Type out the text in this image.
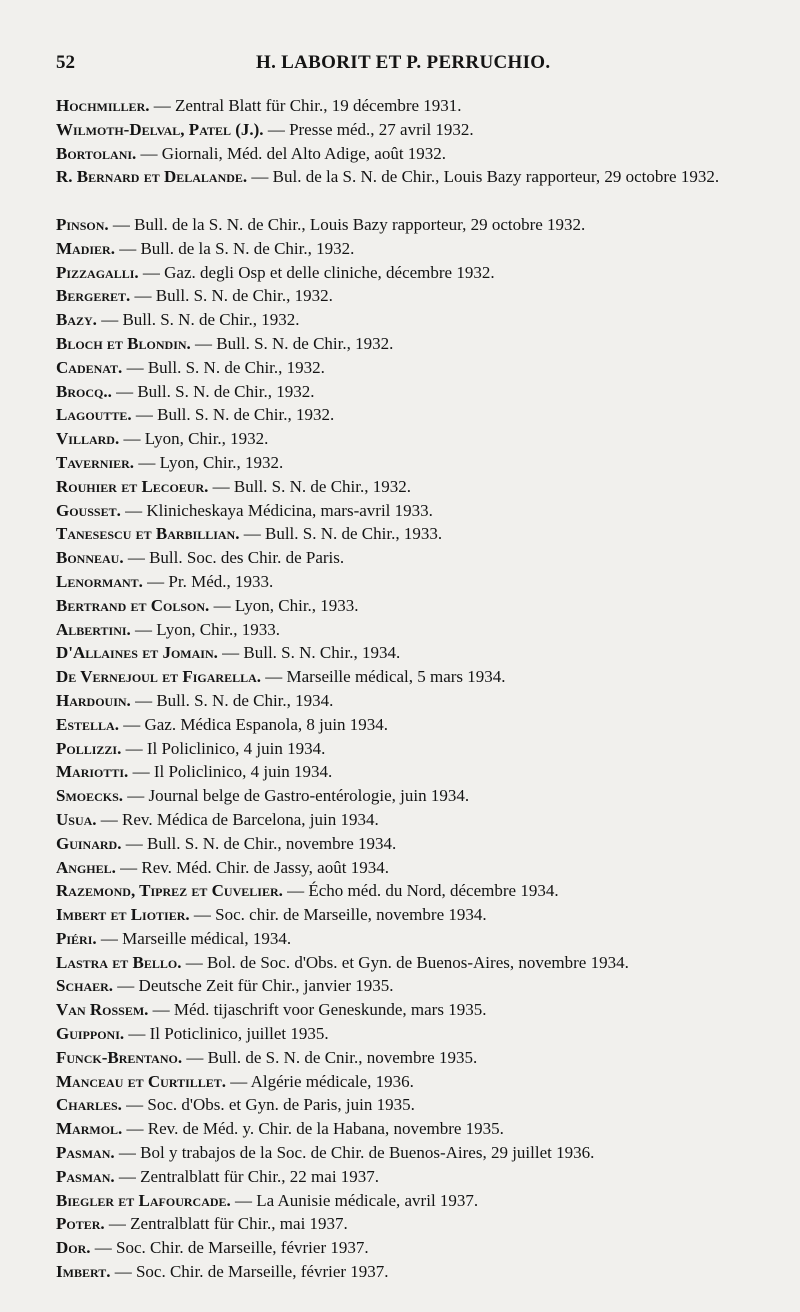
52	H. LABORIT ET P. PERRUCHIO.
Hochmiller. — Zentral Blatt für Chir., 19 décembre 1931.
Wilmoth-Delval, Patel (J.). — Presse méd., 27 avril 1932.
Bortolani. — Giornali, Méd. del Alto Adige, août 1932.
R. Bernard et Delalande. — Bul. de la S. N. de Chir., Louis Bazy rapporteur, 29 octobre 1932.
Pinson. — Bull. de la S. N. de Chir., Louis Bazy rapporteur, 29 octobre 1932.
Madier. — Bull. de la S. N. de Chir., 1932.
Pizzagalli. — Gaz. degli Osp et delle cliniche, décembre 1932.
Bergeret. — Bull. S. N. de Chir., 1932.
Bazy. — Bull. S. N. de Chir., 1932.
Bloch et Blondin. — Bull. S. N. de Chir., 1932.
Cadenat. — Bull. S. N. de Chir., 1932.
Brocq.. — Bull. S. N. de Chir., 1932.
Lagoutte. — Bull. S. N. de Chir., 1932.
Villard. — Lyon, Chir., 1932.
Tavernier. — Lyon, Chir., 1932.
Rouhier et Lecoeur. — Bull. S. N. de Chir., 1932.
Gousset. — Klinicheskaya Médicina, mars-avril 1933.
Tanesescu et Barbillian. — Bull. S. N. de Chir., 1933.
Bonneau. — Bull. Soc. des Chir. de Paris.
Lenormant. — Pr. Méd., 1933.
Bertrand et Colson. — Lyon, Chir., 1933.
Albertini. — Lyon, Chir., 1933.
D'Allaines et Jomain. — Bull. S. N. Chir., 1934.
De Vernejoul et Figarella. — Marseille médical, 5 mars 1934.
Hardouin. — Bull. S. N. de Chir., 1934.
Estella. — Gaz. Médica Espanola, 8 juin 1934.
Pollizzi. — Il Policlinico, 4 juin 1934.
Mariotti. — Il Policlinico, 4 juin 1934.
Smoecks. — Journal belge de Gastro-entérologie, juin 1934.
Usua. — Rev. Médica de Barcelona, juin 1934.
Guinard. — Bull. S. N. de Chir., novembre 1934.
Anghel. — Rev. Méd. Chir. de Jassy, août 1934.
Razemond, Tiprez et Cuvelier. — Écho méd. du Nord, décembre 1934.
Imbert et Liotier. — Soc. chir. de Marseille, novembre 1934.
Piéri. — Marseille médical, 1934.
Lastra et Bello. — Bol. de Soc. d'Obs. et Gyn. de Buenos-Aires, novembre 1934.
Schaer. — Deutsche Zeit für Chir., janvier 1935.
Van Rossem. — Méd. tijaschrift voor Geneskunde, mars 1935.
Guipponi. — Il Poticlinico, juillet 1935.
Funck-Brentano. — Bull. de S. N. de Cnir., novembre 1935.
Manceau et Curtillet. — Algérie médicale, 1936.
Charles. — Soc. d'Obs. et Gyn. de Paris, juin 1935.
Marmol. — Rev. de Méd. y. Chir. de la Habana, novembre 1935.
Pasman. — Bol y trabajos de la Soc. de Chir. de Buenos-Aires, 29 juillet 1936.
Pasman. — Zentralblatt für Chir., 22 mai 1937.
Biegler et Lafourcade. — La Aunisie médicale, avril 1937.
Poter. — Zentralblatt für Chir., mai 1937.
Dor. — Soc. Chir. de Marseille, février 1937.
Imbert. — Soc. Chir. de Marseille, février 1937.
